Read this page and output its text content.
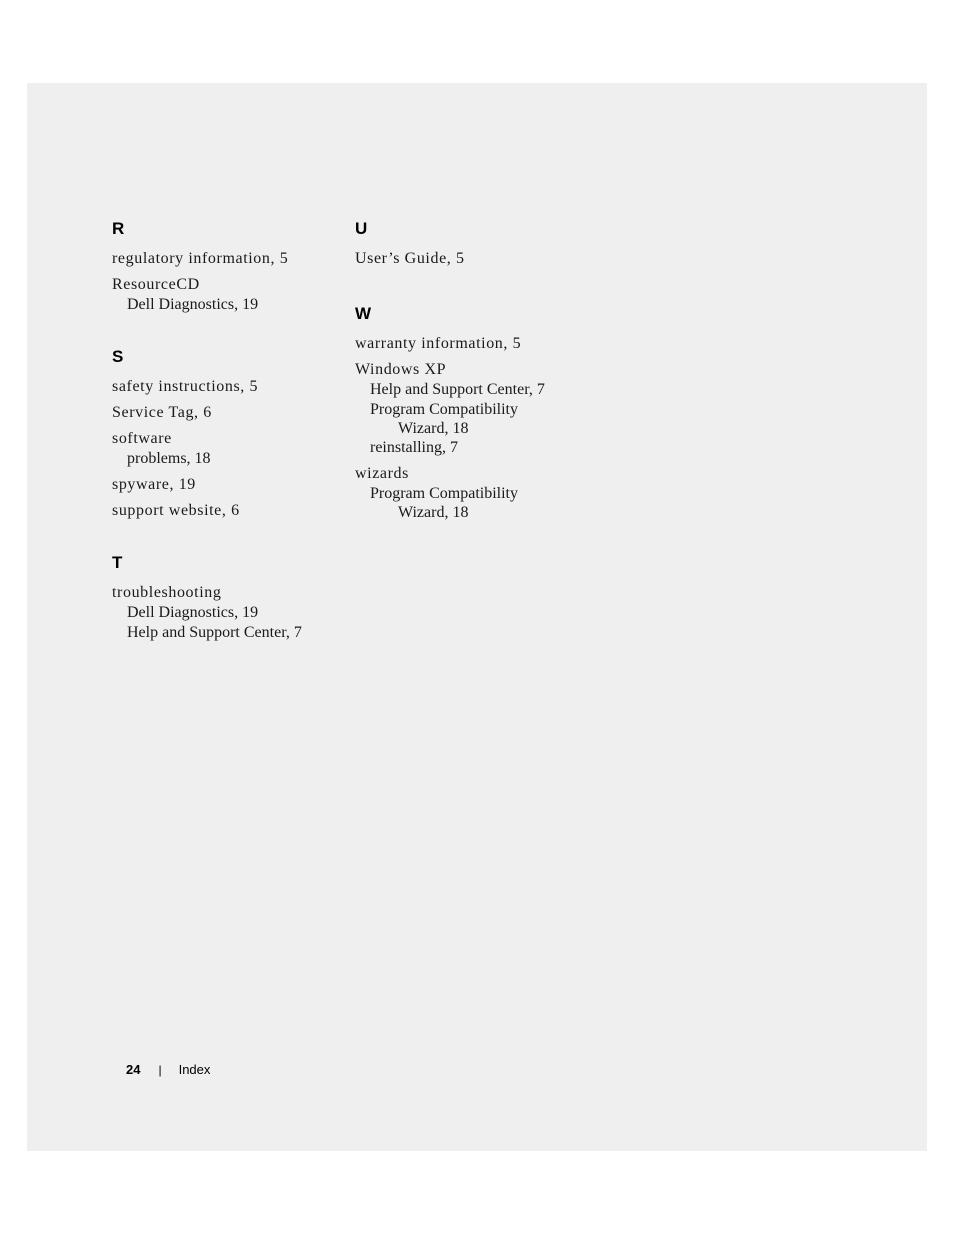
R
regulatory information, 5
ResourceCD
Dell Diagnostics, 19
S
safety instructions, 5
Service Tag, 6
software
problems, 18
spyware, 19
support website, 6
T
troubleshooting
Dell Diagnostics, 19
Help and Support Center, 7
U
User’s Guide, 5
W
warranty information, 5
Windows XP
Help and Support Center, 7
Program Compatibility
Wizard, 18
reinstalling, 7
wizards
Program Compatibility
Wizard, 18
24 | Index
